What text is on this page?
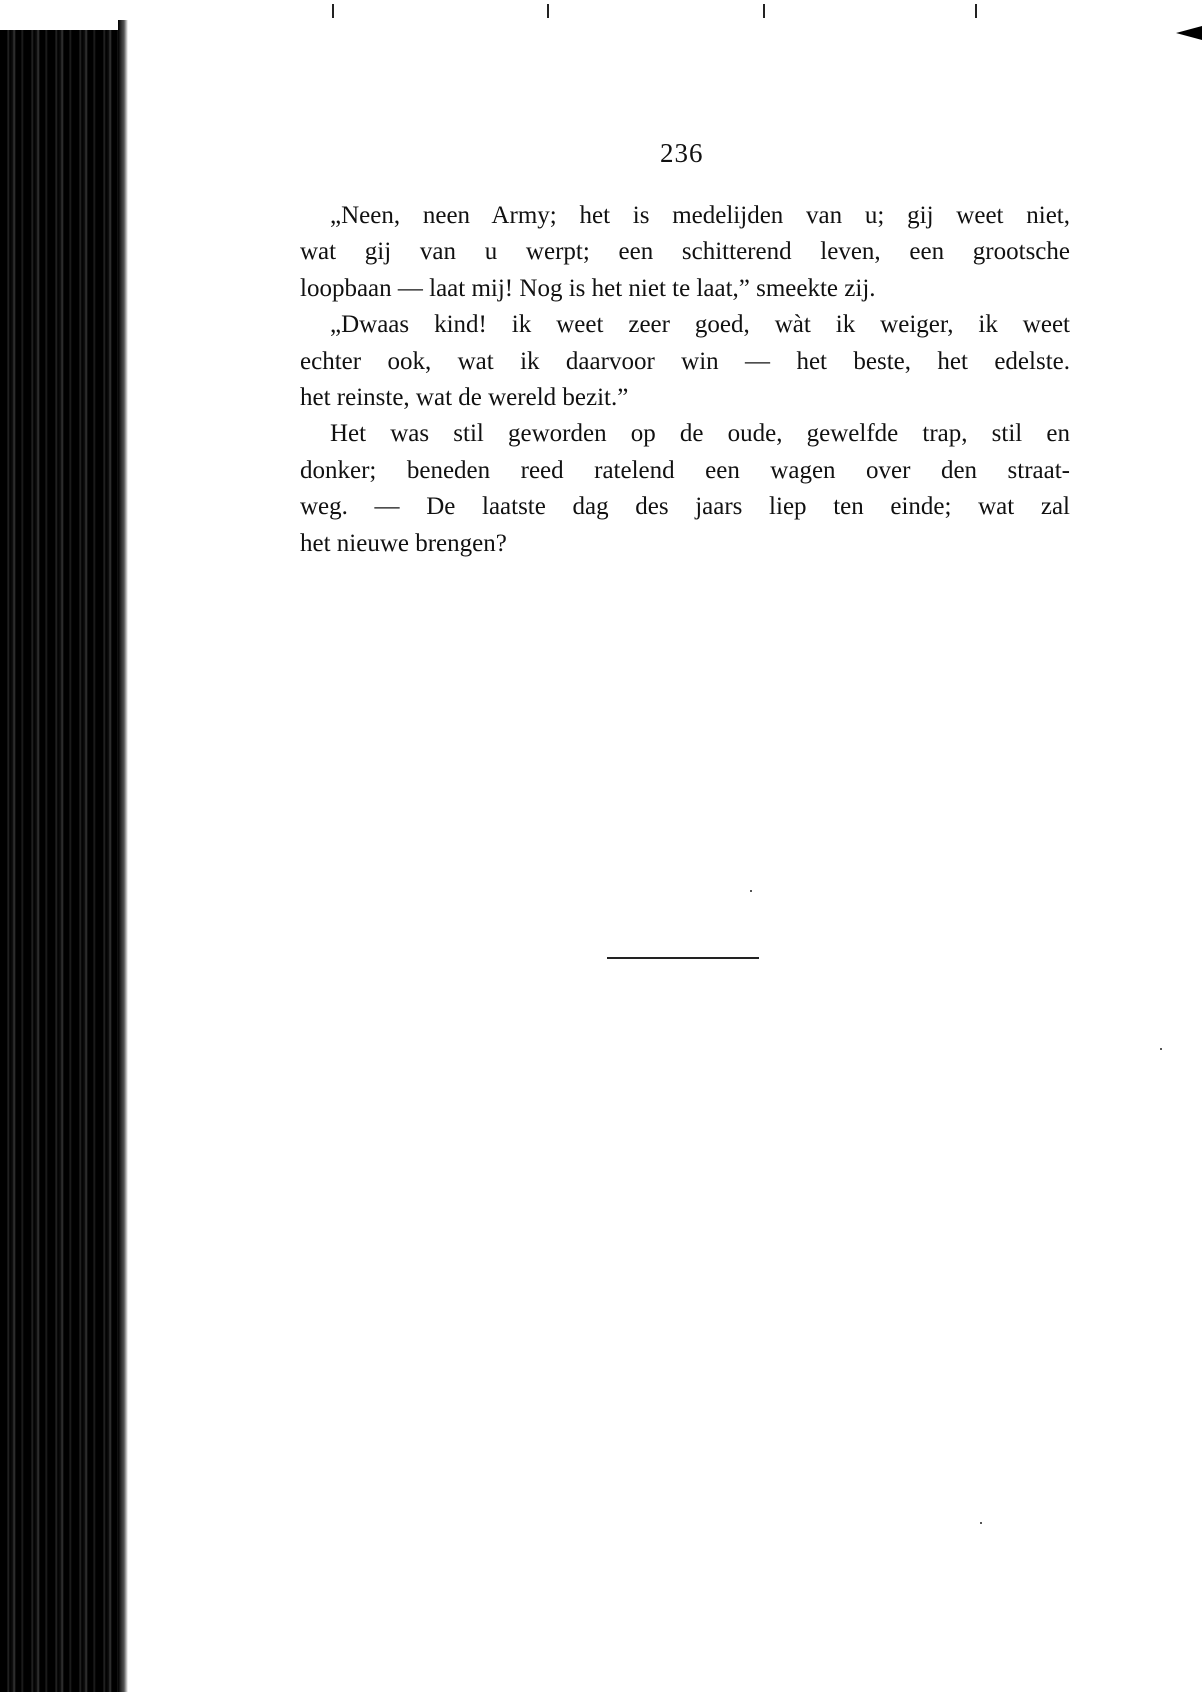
236
„Neen, neen Army; het is medelijden van u; gij weet niet,
wat gij van u werpt; een schitterend leven, een grootsche
loopbaan — laat mij! Nog is het niet te laat,” smeekte zij.
„Dwaas kind! ik weet zeer goed, wàt ik weiger, ik weet
echter ook, wat ik daarvoor win — het beste, het edelste.
het reinste, wat de wereld bezit.”
Het was stil geworden op de oude, gewelfde trap, stil en
donker; beneden reed ratelend een wagen over den straat-
weg. — De laatste dag des jaars liep ten einde; wat zal
het nieuwe brengen?
